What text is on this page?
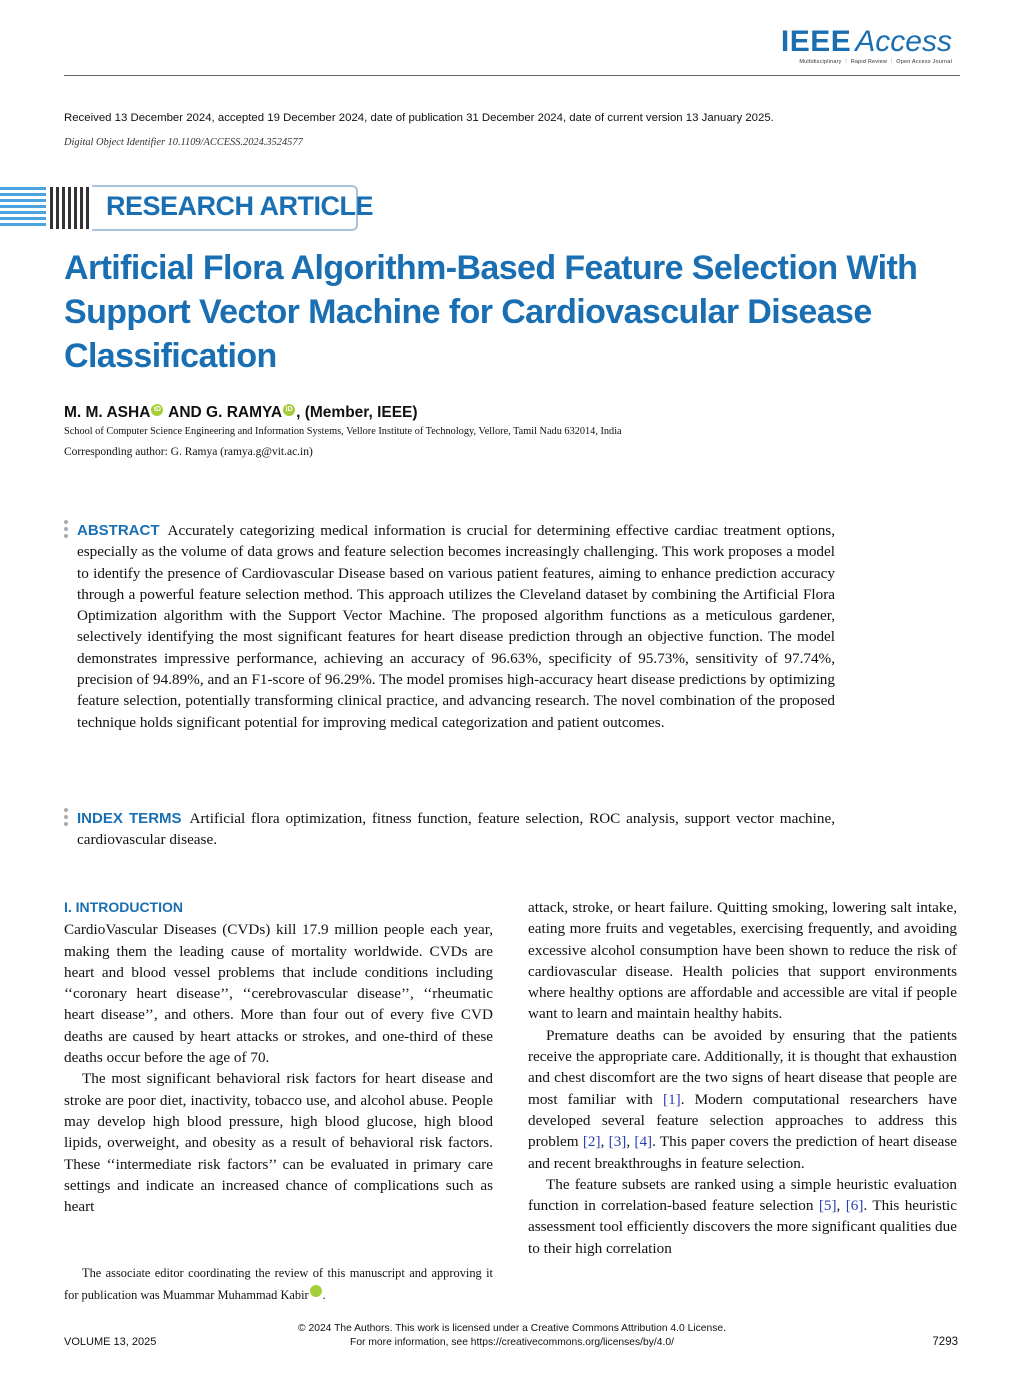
IEEE Access
Multidisciplinary ⋮ Rapid Review ⋮ Open Access Journal
Received 13 December 2024, accepted 19 December 2024, date of publication 31 December 2024, date of current version 13 January 2025.
Digital Object Identifier 10.1109/ACCESS.2024.3524577
RESEARCH ARTICLE
Artificial Flora Algorithm-Based Feature Selection With Support Vector Machine for Cardiovascular Disease Classification
M. M. ASHA iD AND G. RAMYA iD , (Member, IEEE)
School of Computer Science Engineering and Information Systems, Vellore Institute of Technology, Vellore, Tamil Nadu 632014, India
Corresponding author: G. Ramya (ramya.g@vit.ac.in)
ABSTRACT Accurately categorizing medical information is crucial for determining effective cardiac treatment options, especially as the volume of data grows and feature selection becomes increasingly challenging. This work proposes a model to identify the presence of Cardiovascular Disease based on various patient features, aiming to enhance prediction accuracy through a powerful feature selection method. This approach utilizes the Cleveland dataset by combining the Artificial Flora Optimization algorithm with the Support Vector Machine. The proposed algorithm functions as a meticulous gardener, selectively identifying the most significant features for heart disease prediction through an objective function. The model demonstrates impressive performance, achieving an accuracy of 96.63%, specificity of 95.73%, sensitivity of 97.74%, precision of 94.89%, and an F1-score of 96.29%. The model promises high-accuracy heart disease predictions by optimizing feature selection, potentially transforming clinical practice, and advancing research. The novel combination of the proposed technique holds significant potential for improving medical categorization and patient outcomes.
INDEX TERMS Artificial flora optimization, fitness function, feature selection, ROC analysis, support vector machine, cardiovascular disease.
I. INTRODUCTION

CardioVascular Diseases (CVDs) kill 17.9 million people each year, making them the leading cause of mortality worldwide. CVDs are heart and blood vessel problems that include conditions including ‘‘coronary heart disease’’, ‘‘cerebrovascular disease’’, ‘‘rheumatic heart disease’’, and others. More than four out of every five CVD deaths are caused by heart attacks or strokes, and one-third of these deaths occur before the age of 70.

The most significant behavioral risk factors for heart disease and stroke are poor diet, inactivity, tobacco use, and alcohol abuse. People may develop high blood pressure, high blood glucose, high blood lipids, overweight, and obesity as a result of behavioral risk factors. These ‘‘intermediate risk factors’’ can be evaluated in primary care settings and indicate an increased chance of complications such as heart

The associate editor coordinating the review of this manuscript and approving it for publication was Muammar Muhammad Kabir	iD.

attack, stroke, or heart failure. Quitting smoking, lowering salt intake, eating more fruits and vegetables, exercising frequently, and avoiding excessive alcohol consumption have been shown to reduce the risk of cardiovascular disease. Health policies that support environments where healthy options are affordable and accessible are vital if people want to learn and maintain healthy habits.

Premature deaths can be avoided by ensuring that the patients receive the appropriate care. Additionally, it is thought that exhaustion and chest discomfort are the two signs of heart disease that people are most familiar with [1]. Modern computational researchers have developed several feature selection approaches to address this problem [2], [3], [4]. This paper covers the prediction of heart disease and recent breakthroughs in feature selection.

The feature subsets are ranked using a simple heuristic evaluation function in correlation-based feature selection [5], [6]. This heuristic assessment tool efficiently discovers the more significant qualities due to their high correlation

© 2024 The Authors. This work is licensed under a Creative Commons Attribution 4.0 License.
For more information, see https://creativecommons.org/licenses/by/4.0/
VOLUME 13, 2025	7293
